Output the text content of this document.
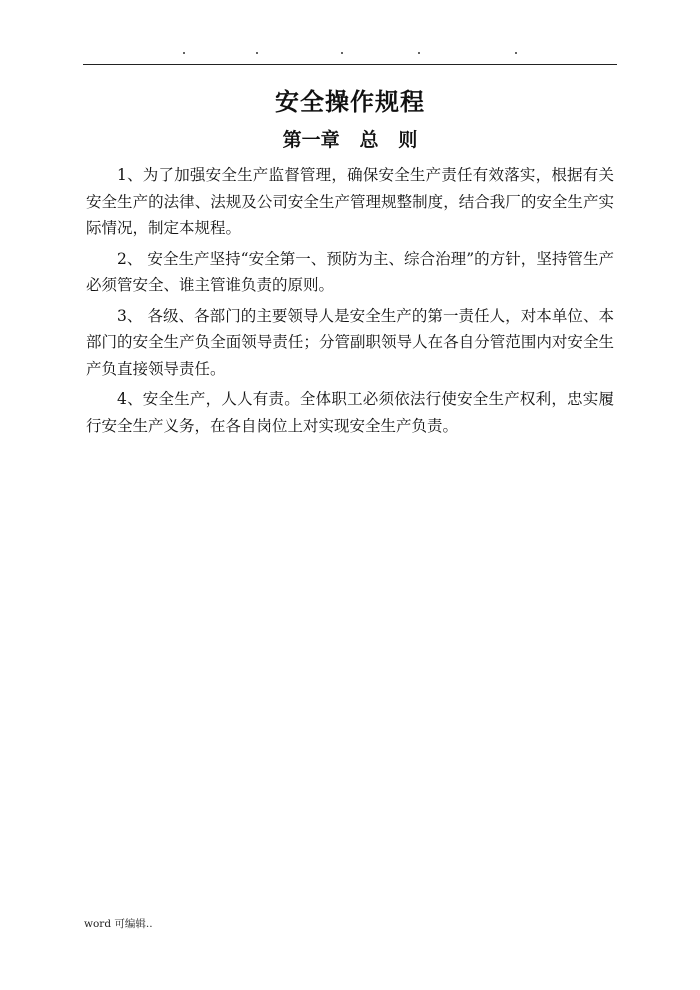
安全操作规程
第一章   总   则

1、为了加强安全生产监督管理，确保安全生产责任有效落实，根据有关安全生产的法律、法规及公司安全生产管理规整制度，结合我厂的安全生产实际情况，制定本规程。

2、 安全生产坚持“安全第一、预防为主、综合治理”的方针，坚持管生产必须管安全、谁主管谁负责的原则。

3、 各级、各部门的主要领导人是安全生产的第一责任人，对本单位、本部门的安全生产负全面领导责任；分管副职领导人在各自分管范围内对安全生产负直接领导责任。

4、安全生产，人人有责。全体职工必须依法行使安全生产权利，忠实履行安全生产义务，在各自岗位上对实现安全生产负责。

word 可编辑..
